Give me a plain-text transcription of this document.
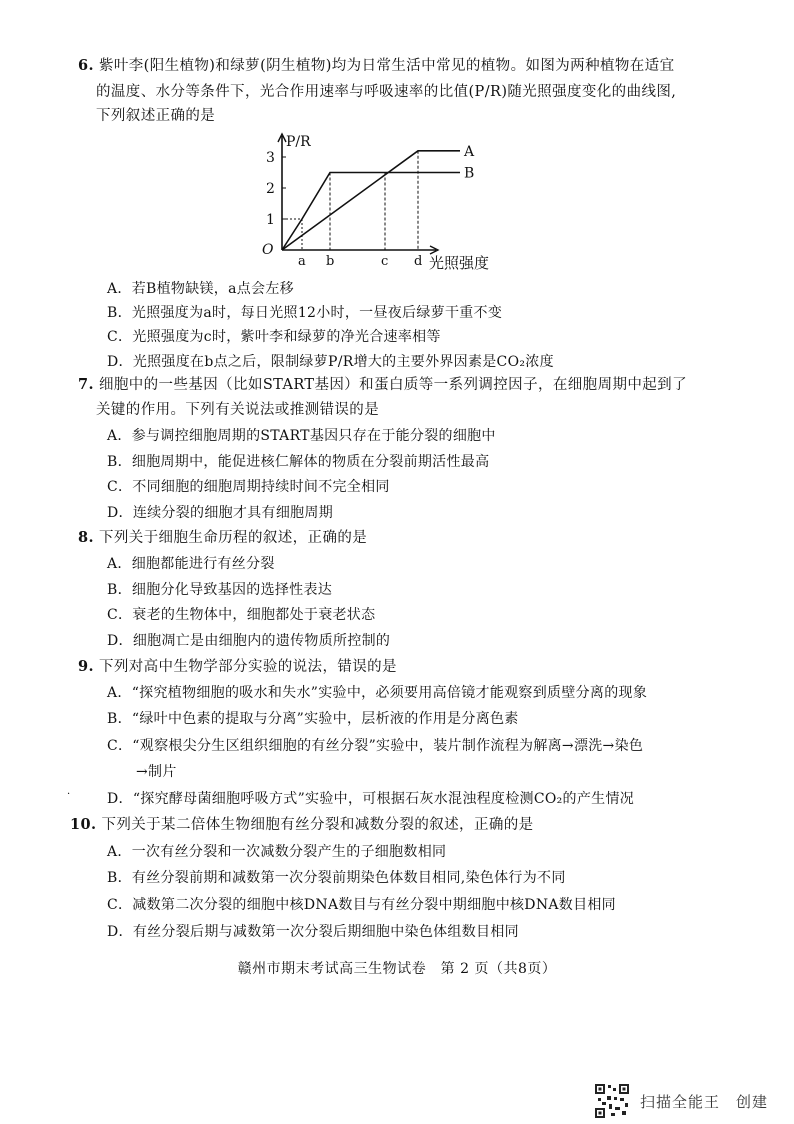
6. 紫叶李(阳生植物)和绿萝(阴生植物)均为日常生活中常见的植物。如图为两种植物在适宜
的温度、水分等条件下，光合作用速率与呼吸速率的比值(P/R)随光照强度变化的曲线图,
下列叙述正确的是
P/R
光照强度
O
1
2
3
a b	c d
A
B
A．若B植物缺镁，a点会左移
B．光照强度为a时，每日光照12小时，一昼夜后绿萝干重不变
C．光照强度为c时，紫叶李和绿萝的净光合速率相等
D．光照强度在b点之后，限制绿萝P/R增大的主要外界因素是CO₂浓度
7. 细胞中的一些基因（比如START基因）和蛋白质等一系列调控因子，在细胞周期中起到了
关键的作用。下列有关说法或推测错误的是
A．参与调控细胞周期的START基因只存在于能分裂的细胞中
B．细胞周期中，能促进核仁解体的物质在分裂前期活性最高
C．不同细胞的细胞周期持续时间不完全相同
D．连续分裂的细胞才具有细胞周期
8. 下列关于细胞生命历程的叙述，正确的是
A．细胞都能进行有丝分裂
B．细胞分化导致基因的选择性表达
C．衰老的生物体中，细胞都处于衰老状态
D．细胞凋亡是由细胞内的遗传物质所控制的
9. 下列对高中生物学部分实验的说法，错误的是
A．“探究植物细胞的吸水和失水”实验中，必须要用高倍镜才能观察到质壁分离的现象
B．“绿叶中色素的提取与分离”实验中，层析液的作用是分离色素
C．“观察根尖分生区组织细胞的有丝分裂”实验中，装片制作流程为解离→漂洗→染色
→制片
·	D．“探究酵母菌细胞呼吸方式”实验中，可根据石灰水混浊程度检测CO₂的产生情况
10. 下列关于某二倍体生物细胞有丝分裂和减数分裂的叙述，正确的是
A．一次有丝分裂和一次减数分裂产生的子细胞数相同
B．有丝分裂前期和减数第一次分裂前期染色体数目相同,染色体行为不同
C．减数第二次分裂的细胞中核DNA数目与有丝分裂中期细胞中核DNA数目相同
D．有丝分裂后期与减数第一次分裂后期细胞中染色体组数目相同
赣州市期末考试高三生物试卷　第 2 页（共8页）
扫描全能王　创建
